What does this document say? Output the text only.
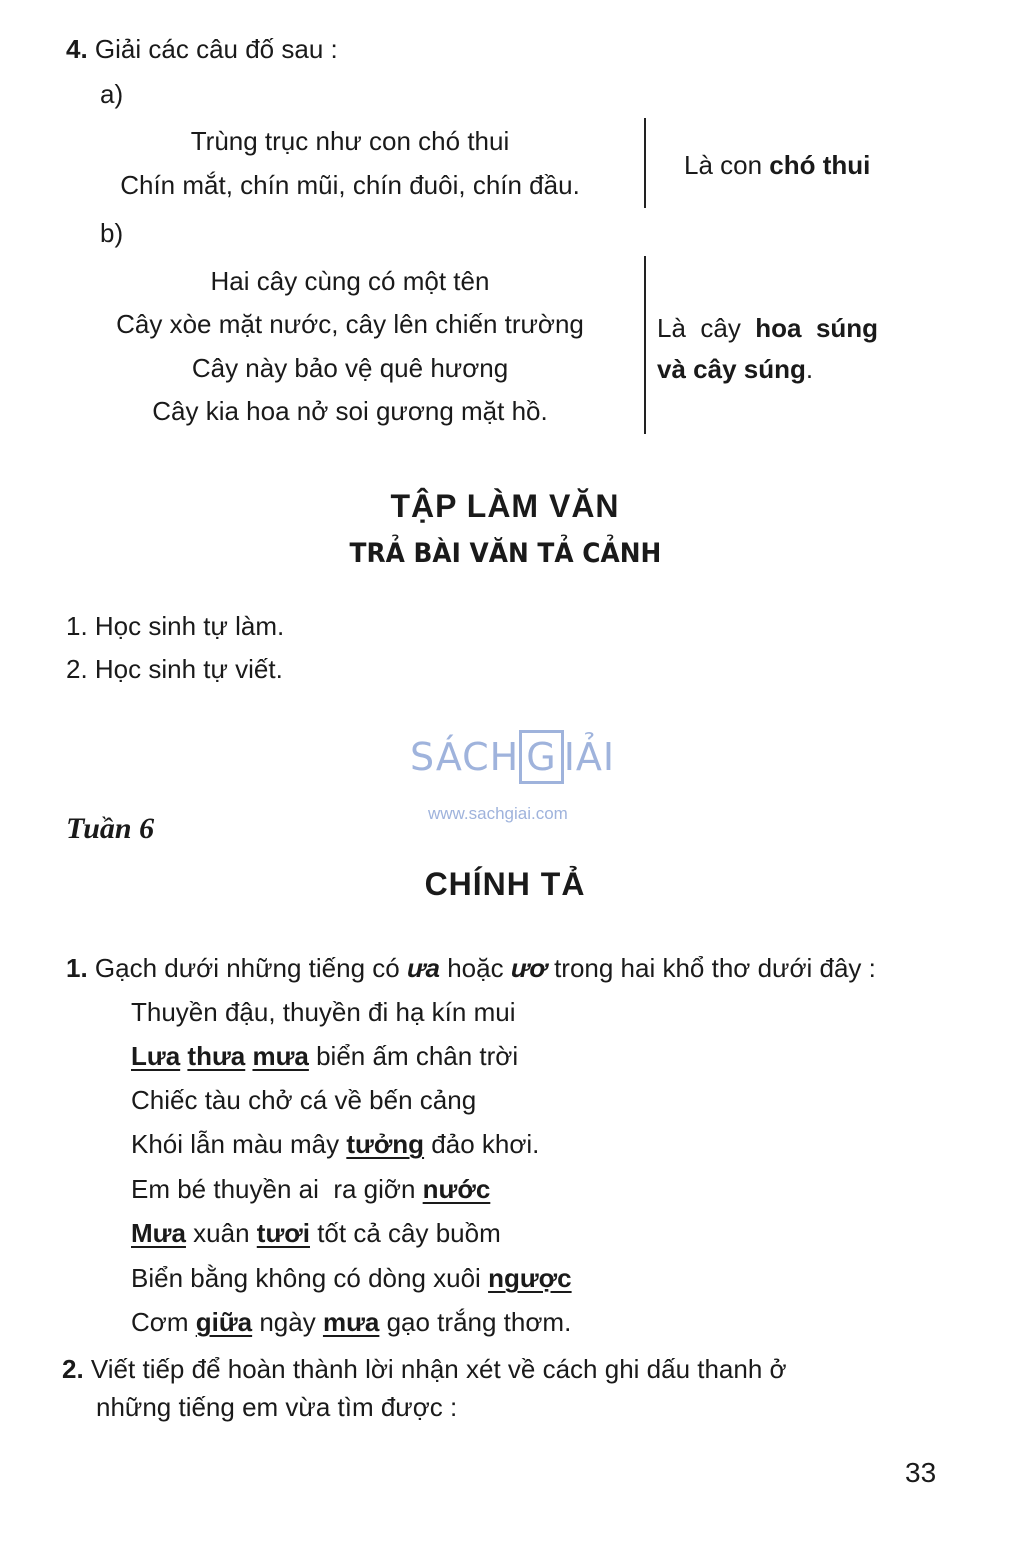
4. Giải các câu đố sau :
a)
Trùng trục như con chó thui
Chín mắt, chín mũi, chín đuôi, chín đầu.
Là con chó thui
b)
Hai cây cùng có một tên
Cây xòe mặt nước, cây lên chiến trường
Cây này bảo vệ quê hương
Cây kia hoa nở soi gương mặt hồ.
Là  cây  hoa  súng
và cây súng.
TẬP LÀM VĂN
TRẢ BÀI VĂN TẢ CẢNH
1. Học sinh tự làm.
2. Học sinh tự viết.
SÁCH G IẢI
www.sachgiai.com
Tuần 6
CHÍNH TẢ
1. Gạch dưới những tiếng có ưa hoặc ươ trong hai khổ thơ dưới đây :
Thuyền đậu, thuyền đi hạ kín mui
Lưa thưa mưa biển ấm chân trời
Chiếc tàu chở cá về bến cảng
Khói lẫn màu mây tưởng đảo khơi.
Em bé thuyền ai  ra giỡn nước
Mưa xuân tươi tốt cả cây buồm
Biển bằng không có dòng xuôi ngược
Cơm giữa ngày mưa gạo trắng thơm.
2. Viết tiếp để hoàn thành lời nhận xét về cách ghi dấu thanh ở
những tiếng em vừa tìm được :
33
